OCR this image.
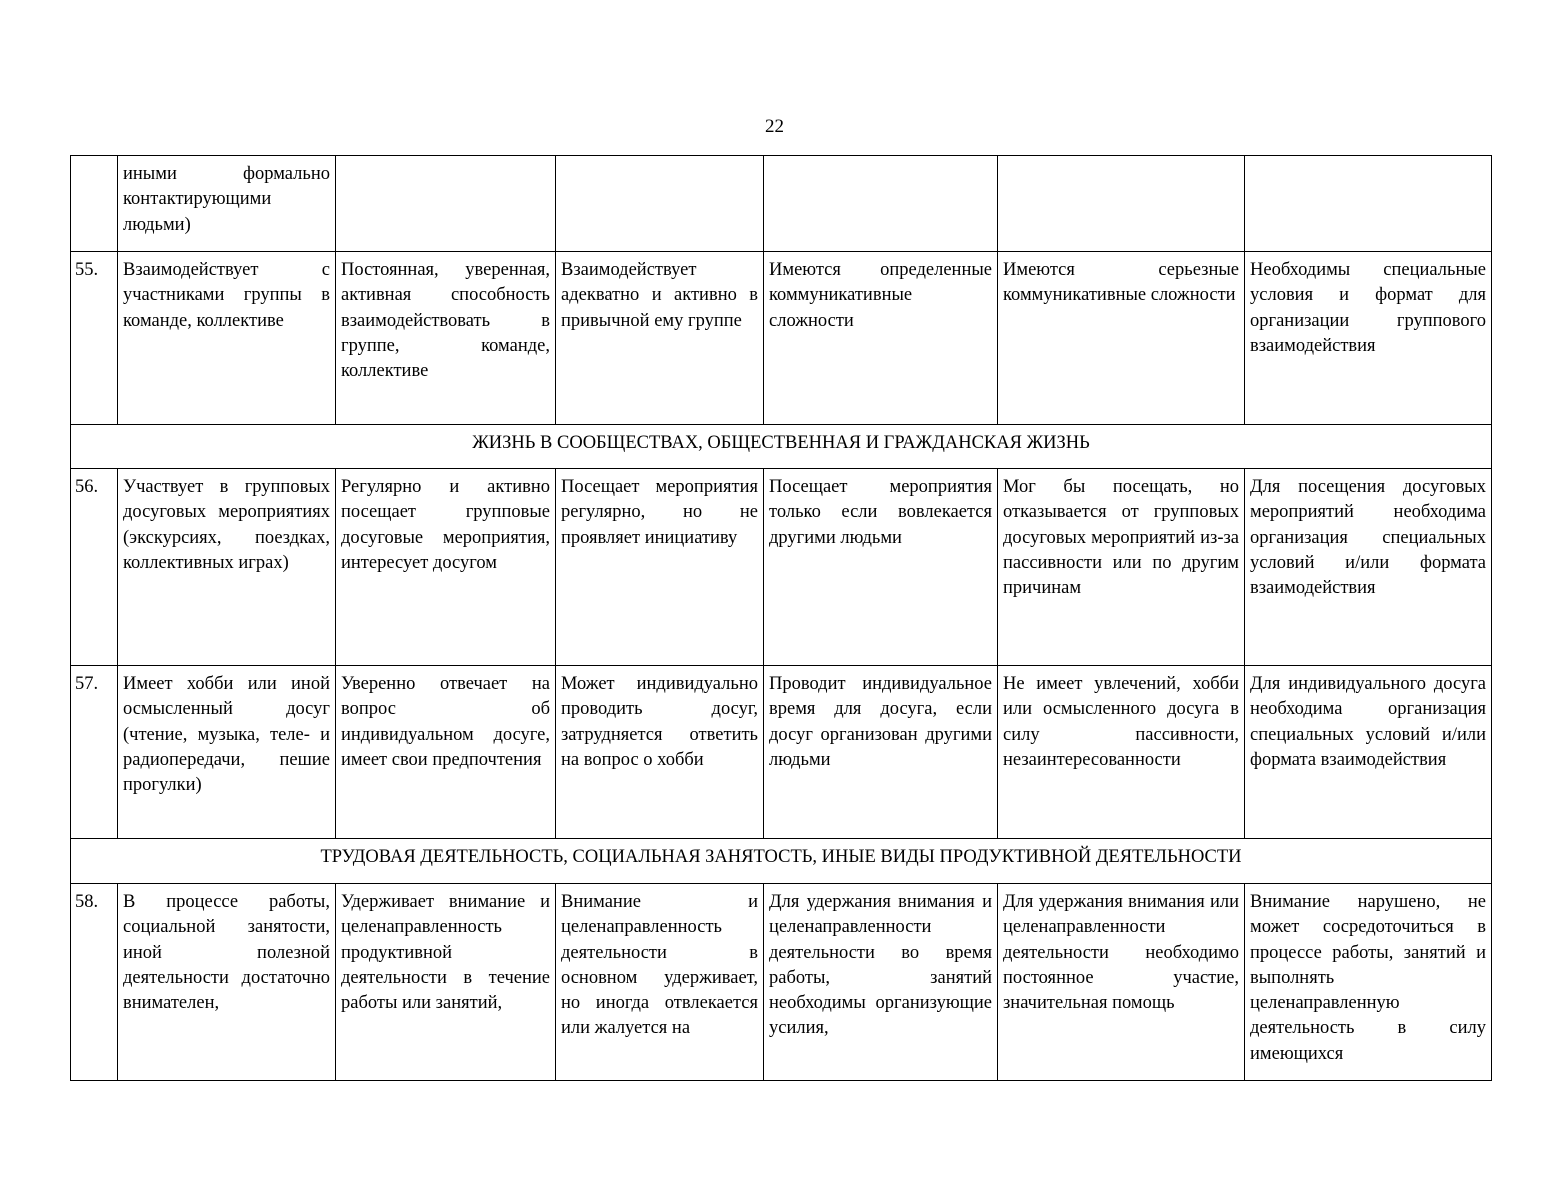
22
	иными формально контактирующими людьми)					
55.	Взаимодействует с участниками группы в команде, коллективе	Постоянная, уверенная, активная способность взаимодействовать в группе, команде, коллективе	Взаимодействует адекватно и активно в привычной ему группе	Имеются определенные коммуникативные сложности	Имеются серьезные коммуникативные сложности	Необходимы специальные условия и формат для организации группового взаимодействия
ЖИЗНЬ В СООБЩЕСТВАХ, ОБЩЕСТВЕННАЯ И ГРАЖДАНСКАЯ ЖИЗНЬ						
56.	Участвует в групповых досуговых мероприятиях (экскурсиях, поездках, коллективных играх)	Регулярно и активно посещает групповые досуговые мероприятия, интересует досугом	Посещает мероприятия регулярно, но не проявляет инициативу	Посещает мероприятия только если вовлекается другими людьми	Мог бы посещать, но отказывается от групповых досуговых мероприятий из-за пассивности или по другим причинам	Для посещения досуговых мероприятий необходима организация специальных условий и/или формата взаимодействия
57.	Имеет хобби или иной осмысленный досуг (чтение, музыка, теле- и радиопередачи, пешие прогулки)	Уверенно отвечает на вопрос об индивидуальном досуге, имеет свои предпочтения	Может индивидуально проводить досуг, затрудняется ответить на вопрос о хобби	Проводит индивидуальное время для досуга, если досуг организован другими людьми	Не имеет увлечений, хобби или осмысленного досуга в силу пассивности, незаинтересованности	Для индивидуального досуга необходима организация специальных условий и/или формата взаимодействия
ТРУДОВАЯ ДЕЯТЕЛЬНОСТЬ, СОЦИАЛЬНАЯ ЗАНЯТОСТЬ, ИНЫЕ ВИДЫ ПРОДУКТИВНОЙ ДЕЯТЕЛЬНОСТИ						
58.	В процессе работы, социальной занятости, иной полезной деятельности достаточно внимателен,	Удерживает внимание и целенаправленность продуктивной деятельности в течение работы или занятий,	Внимание и целенаправленность деятельности в основном удерживает, но иногда отвлекается или жалуется на	Для удержания внимания и целенаправленности деятельности во время работы, занятий необходимы организующие усилия,	Для удержания внимания или целенаправленности деятельности необходимо постоянное участие, значительная помощь	Внимание нарушено, не может сосредоточиться в процессе работы, занятий и выполнять целенаправленную деятельность в силу имеющихся
